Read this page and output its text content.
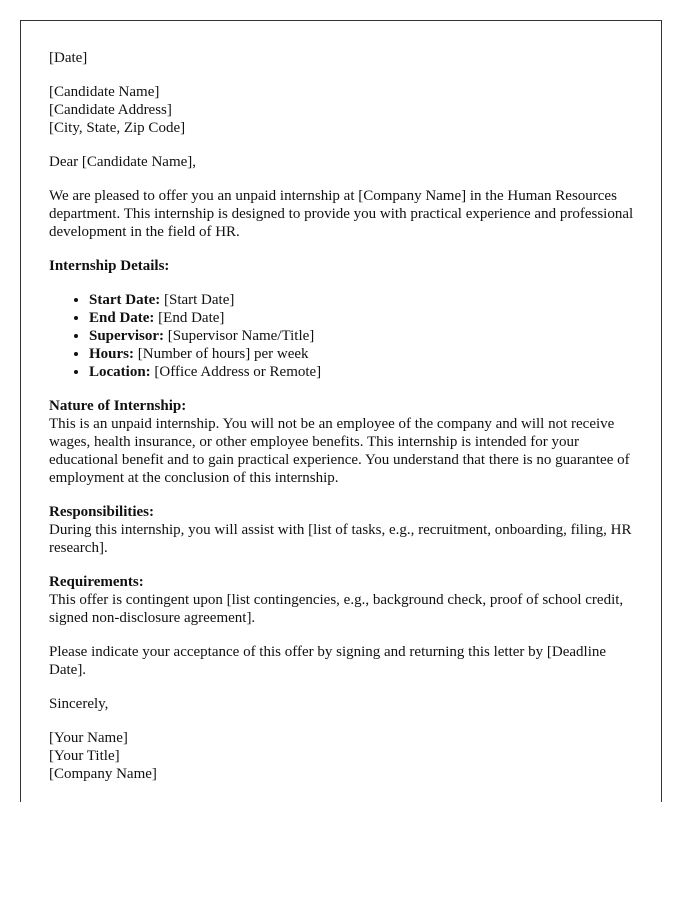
[Date]

[Candidate Name]
[Candidate Address]
[City, State, Zip Code]

Dear [Candidate Name],

We are pleased to offer you an unpaid internship at [Company Name] in the Human Resources department. This internship is designed to provide you with practical experience and professional development in the field of HR.

Internship Details:

• Start Date: [Start Date]
• End Date: [End Date]
• Supervisor: [Supervisor Name/Title]
• Hours: [Number of hours] per week
• Location: [Office Address or Remote]

Nature of Internship:
This is an unpaid internship. You will not be an employee of the company and will not receive wages, health insurance, or other employee benefits. This internship is intended for your educational benefit and to gain practical experience. You understand that there is no guarantee of employment at the conclusion of this internship.

Responsibilities:
During this internship, you will assist with [list of tasks, e.g., recruitment, onboarding, filing, HR research].

Requirements:
This offer is contingent upon [list contingencies, e.g., background check, proof of school credit, signed non-disclosure agreement].

Please indicate your acceptance of this offer by signing and returning this letter by [Deadline Date].

Sincerely,

[Your Name]
[Your Title]
[Company Name]
